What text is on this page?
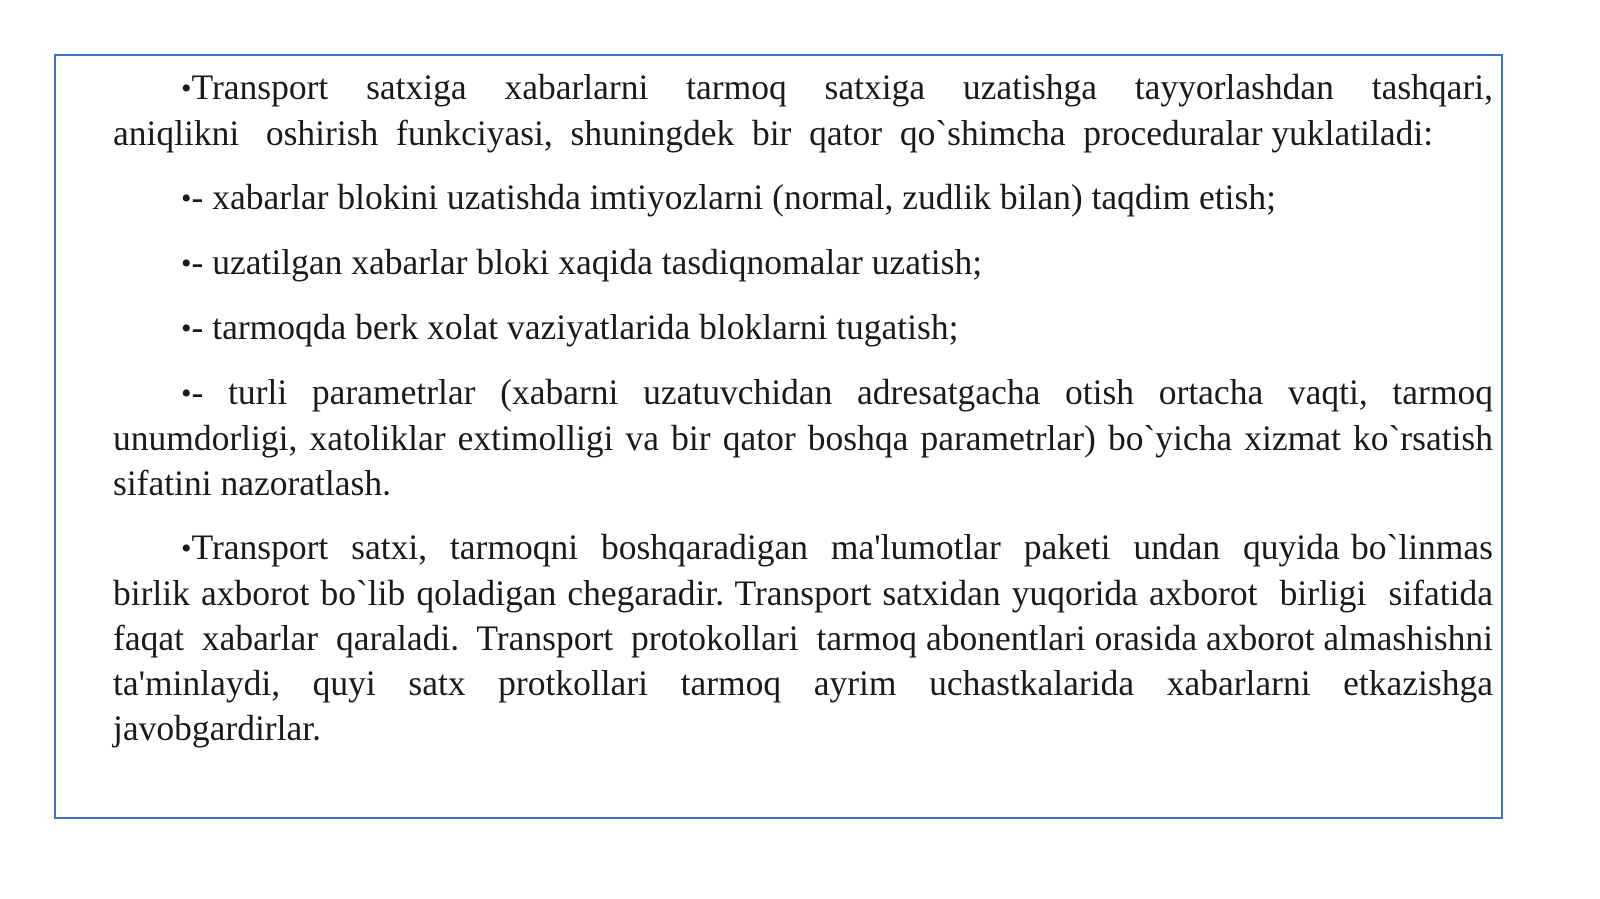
•Transport  satxiga  xabarlarni  tarmoq  satxiga  uzatishga  tayyorlashdan  tashqari,  aniqlikni   oshirish  funkciyasi,  shuningdek  bir  qator  qo`shimcha  proceduralar yuklatiladi:

•- xabarlar blokini uzatishda imtiyozlarni (normal, zudlik bilan) taqdim etish;

•- uzatilgan xabarlar bloki xaqida tasdiqnomalar uzatish;

•- tarmoqda berk xolat vaziyatlarida bloklarni tugatish;

•- turli parametrlar (xabarni uzatuvchidan adresatgacha otish ortacha vaqti, tarmoq unumdorligi, xatoliklar extimolligi va bir qator boshqa parametrlar) bo`yicha xizmat ko`rsatish sifatini nazoratlash.

•Transport  satxi,  tarmoqni  boshqaradigan  ma'lumotlar  paketi  undan  quyida bo`linmas birlik axborot bo`lib qoladigan chegaradir. Transport satxidan yuqorida axborot  birligi  sifatida  faqat  xabarlar  qaraladi.  Transport  protokollari  tarmoq abonentlari orasida axborot almashishni ta'minlaydi, quyi satx protkollari tarmoq ayrim uchastkalarida xabarlarni etkazishga javobgardirlar.
